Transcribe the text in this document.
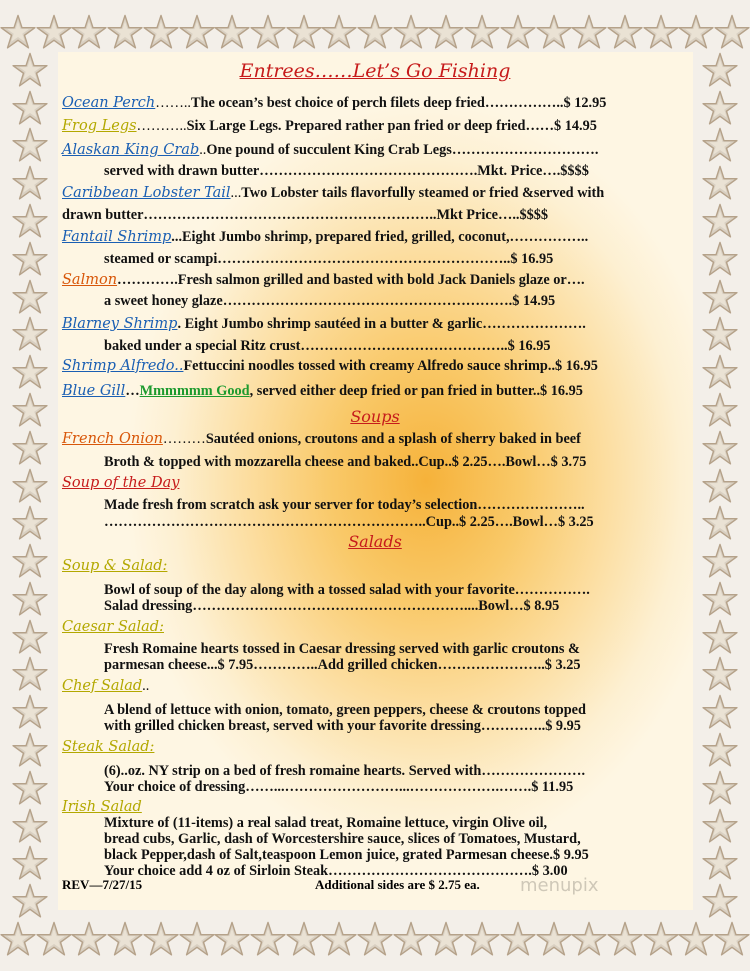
Entrees……Let’s Go Fishing
Ocean Perch……..The ocean’s best choice of perch filets deep fried……………..$ 12.95
Frog Legs………..Six Large Legs. Prepared rather pan fried or deep fried……$ 14.95
Alaskan King Crab..One pound of succulent King Crab Legs………………………….
served with drawn butter……………………………………….Mkt. Price….$$$$
Caribbean Lobster Tail...Two Lobster tails flavorfully steamed or fried &served with
drawn butter……………………………………………………..Mkt Price…..$$$$
Fantail Shrimp...Eight Jumbo shrimp, prepared fried, grilled, coconut,……………..
steamed or scampi……………………………………………………..$ 16.95
Salmon………….Fresh salmon grilled and basted with bold Jack Daniels glaze or….
a sweet honey glaze…………………………………………………….$ 14.95
Blarney Shrimp. Eight Jumbo shrimp sautéed in a butter & garlic………………….
baked under a special Ritz crust……………………………………..$ 16.95
Shrimp Alfredo..Fettuccini noodles tossed with creamy Alfredo sauce shrimp..$ 16.95
Blue Gill…Mmmmmm Good, served either deep fried or pan fried in butter..$ 16.95
Soups
French Onion………Sautéed onions, croutons and a splash of sherry baked in beef
Broth & topped with mozzarella cheese and baked..Cup..$ 2.25….Bowl…$ 3.75
Soup of the Day
Made fresh from scratch ask your server for today’s selection…………………..
…………………………………………………………..Cup..$ 2.25….Bowl…$ 3.25
Salads
Soup & Salad:
Bowl of soup of the day along with a tossed salad with your favorite…………….
Salad dressing…………………………………………………....Bowl…$ 8.95
Caesar Salad:
Fresh Romaine hearts tossed in Caesar dressing served with garlic croutons &
parmesan cheese...$ 7.95…………..Add grilled chicken…………………..$ 3.25
Chef Salad..
A blend of lettuce with onion, tomato, green peppers, cheese & croutons topped
with grilled chicken breast, served with your favorite dressing…………..$ 9.95
Steak Salad:
(6)..oz. NY strip on a bed of fresh romaine hearts. Served with………………….
Your choice of dressing……...……………………...……………….…….$ 11.95
Irish Salad
Mixture of (11-items) a real salad treat, Romaine lettuce, virgin Olive oil,
bread cubs, Garlic, dash of Worcestershire sauce, slices of Tomatoes, Mustard,
black Pepper,dash of Salt,teaspoon Lemon juice, grated Parmesan cheese.$ 9.95
Your choice add 4 oz of Sirloin Steak…………………………………….$ 3.00
REV—7/27/15	Additional sides are $ 2.75 ea. menupix
